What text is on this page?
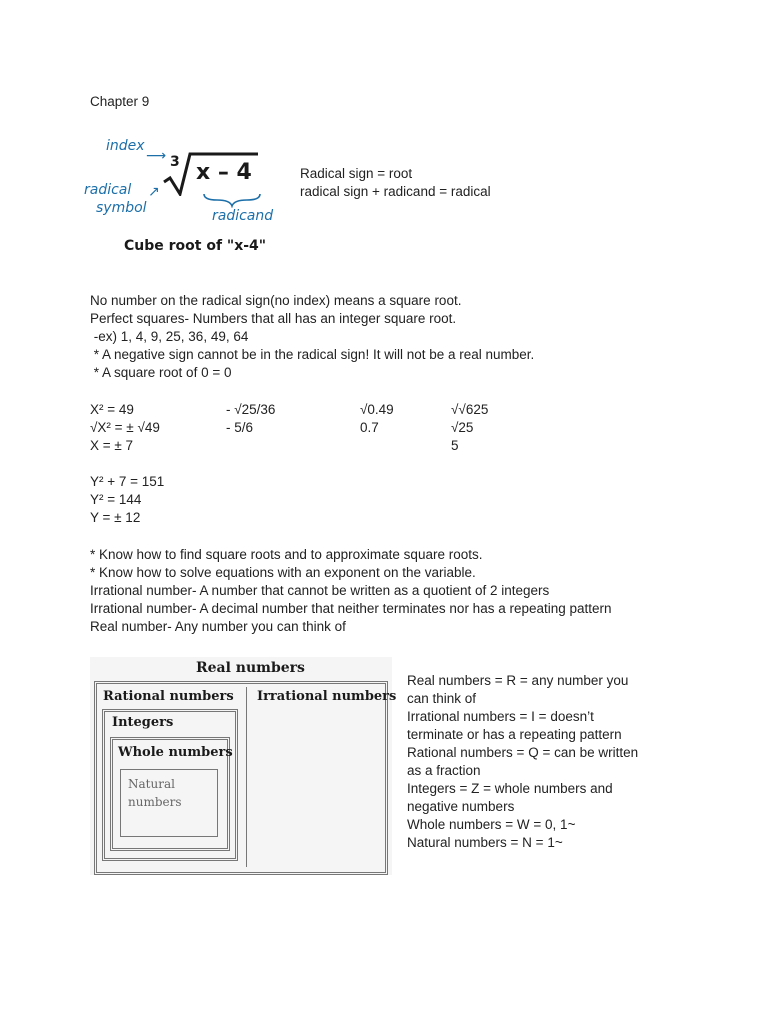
Chapter 9
index
⟶ 3 x – 4
radical
symbol
↗
radicand
Cube root of "x-4"
Radical sign = root
radical sign + radicand = radical
No number on the radical sign(no index) means a square root.
Perfect squares- Numbers that all has an integer square root.
-ex) 1, 4, 9, 25, 36, 49, 64
* A negative sign cannot be in the radical sign! It will not be a real number.
* A square root of 0 = 0
X² = 49
√X² = ± √49
X = ± 7
- √25/36
- 5/6
√0.49
0.7
√√625
√25
5
Y² + 7 = 151
Y² = 144
Y = ± 12
* Know how to find square roots and to approximate square roots.
* Know how to solve equations with an exponent on the variable.
Irrational number- A number that cannot be written as a quotient of 2 integers
Irrational number- A decimal number that neither terminates nor has a repeating pattern
Real number- Any number you can think of
Real numbers
Rational numbers Irrational numbers
Integers
Whole numbers
Natural
numbers
Real numbers = R = any number you
can think of
Irrational numbers = I = doesn’t
terminate or has a repeating pattern
Rational numbers = Q = can be written
as a fraction
Integers = Z = whole numbers and
negative numbers
Whole numbers = W = 0, 1~
Natural numbers = N = 1~
